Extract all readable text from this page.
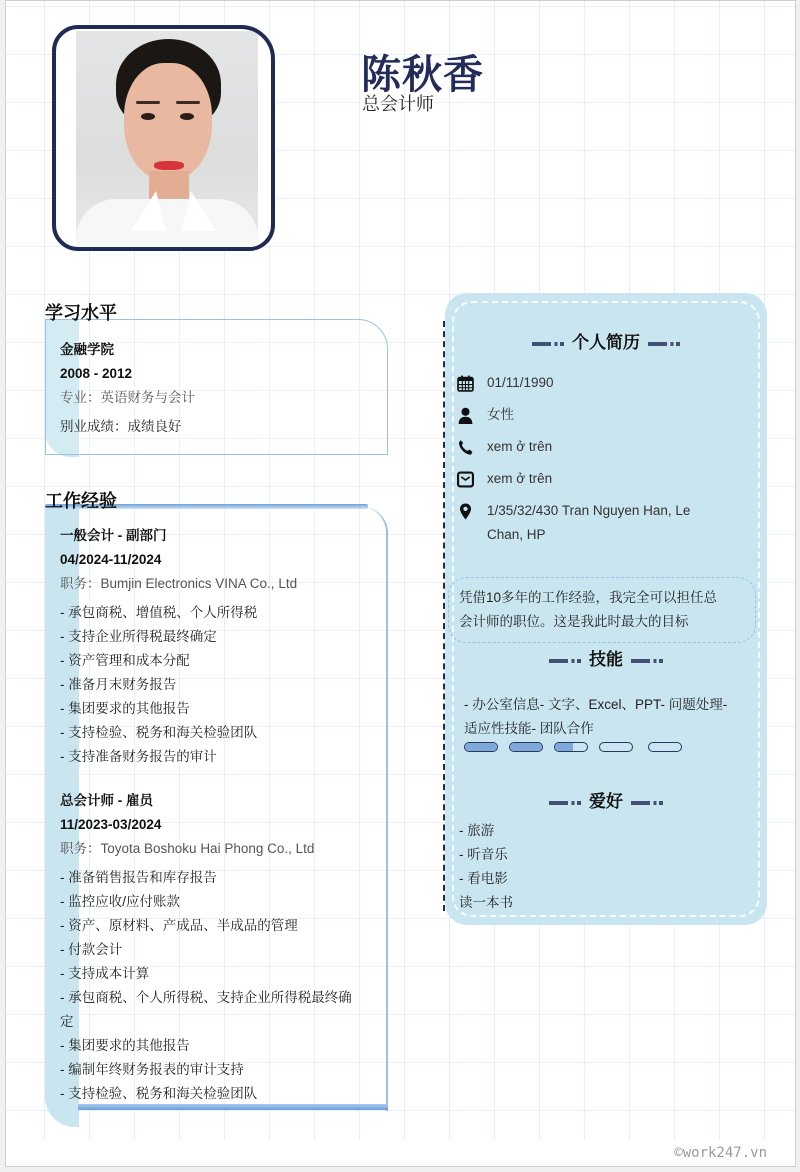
陈秋香
总会计师
学习水平
金融学院
2008 - 2012
专业：英语财务与会计
别业成绩：成绩良好
工作经验
一般会计 - 副部门
04/2024-11/2024
职务：Bumjin Electronics VINA Co., Ltd
- 承包商税、增值税、个人所得税
- 支持企业所得税最终确定
- 资产管理和成本分配
- 准备月末财务报告
- 集团要求的其他报告
- 支持检验、税务和海关检验团队
- 支持准备财务报告的审计
总会计师 - 雇员
11/2023-03/2024
职务：Toyota Boshoku Hai Phong Co., Ltd
- 准备销售报告和库存报告
- 监控应收/应付账款
- 资产、原材料、产成品、半成品的管理
- 付款会计
- 支持成本计算
- 承包商税、个人所得税、支持企业所得税最终确
定
- 集团要求的其他报告
- 编制年终财务报表的审计支持
- 支持检验、税务和海关检验团队
个人简历
01/11/1990
女性
xem ở trên
xem ở trên
1/35/32/430 Tran Nguyen Han, Le
Chan, HP
凭借10多年的工作经验，我完全可以担任总
会计师的职位。这是我此时最大的目标
技能
- 办公室信息- 文字、Excel、PPT- 问题处理-
适应性技能- 团队合作
爱好
- 旅游
- 听音乐
- 看电影
读一本书
©work247.vn
